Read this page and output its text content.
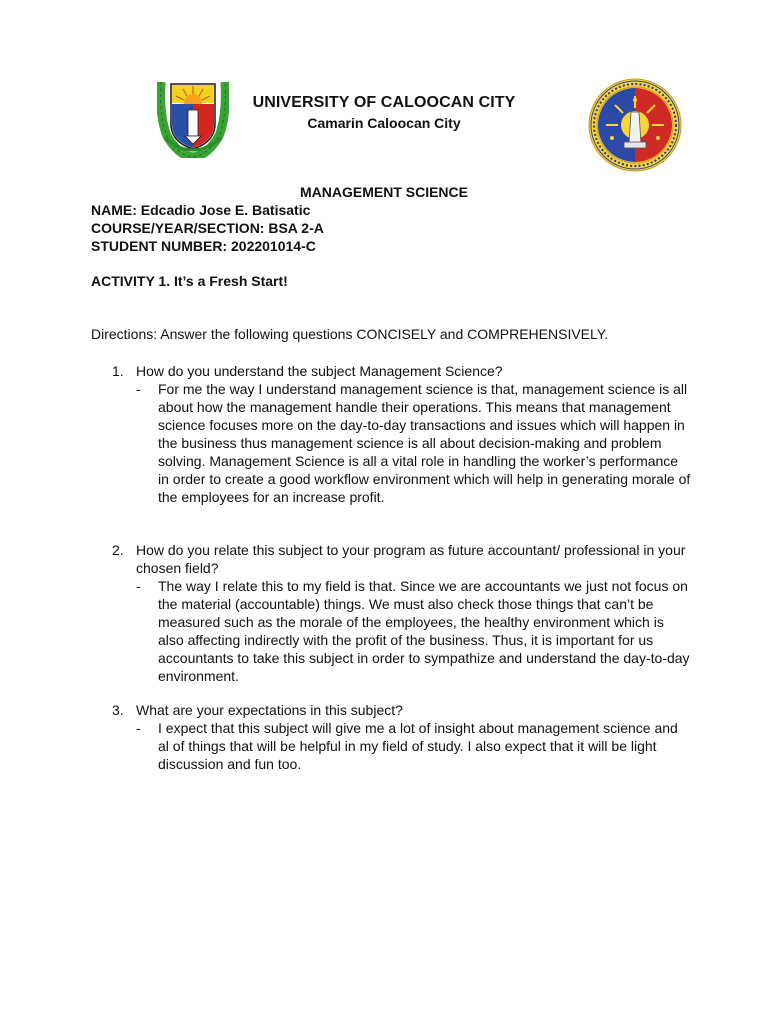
UNIVERSITY OF CALOOCAN CITY
Camarin Caloocan City
MANAGEMENT SCIENCE
NAME: Edcadio Jose E. Batisatic
COURSE/YEAR/SECTION: BSA 2-A
STUDENT NUMBER: 202201014-C
ACTIVITY 1. It’s a Fresh Start!
Directions: Answer the following questions CONCISELY and COMPREHENSIVELY.
1. How do you understand the subject Management Science?
- For me the way I understand management science is that, management science is all about how the management handle their operations. This means that management science focuses more on the day-to-day transactions and issues which will happen in the business thus management science is all about decision-making and problem solving. Management Science is all a vital role in handling the worker’s performance in order to create a good workflow environment which will help in generating morale of the employees for an increase profit.
2. How do you relate this subject to your program as future accountant/ professional in your chosen field?
- The way I relate this to my field is that. Since we are accountants we just not focus on the material (accountable) things. We must also check those things that can’t be measured such as the morale of the employees, the healthy environment which is also affecting indirectly with the profit of the business. Thus, it is important for us accountants to take this subject in order to sympathize and understand the day-to-day environment.
3. What are your expectations in this subject?
- I expect that this subject will give me a lot of insight about management science and al of things that will be helpful in my field of study. I also expect that it will be light discussion and fun too.
